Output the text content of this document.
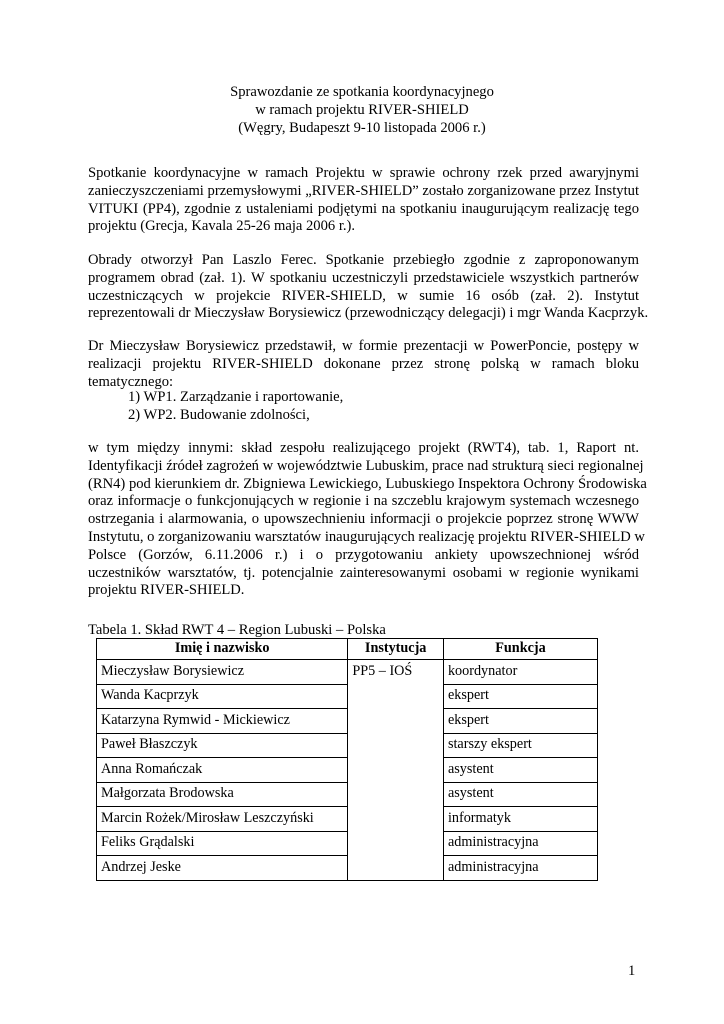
Sprawozdanie ze spotkania koordynacyjnego
w ramach projektu RIVER-SHIELD
(Węgry, Budapeszt 9-10 listopada 2006 r.)
Spotkanie koordynacyjne w ramach Projektu w sprawie ochrony rzek przed awaryjnymi
zanieczyszczeniami przemysłowymi „RIVER-SHIELD” zostało zorganizowane przez Instytut
VITUKI (PP4), zgodnie z ustaleniami podjętymi na spotkaniu inaugurującym realizację tego
projektu (Grecja, Kavala 25-26 maja 2006 r.).
Obrady otworzył Pan Laszlo Ferec. Spotkanie przebiegło zgodnie z zaproponowanym
programem obrad (zał. 1). W spotkaniu uczestniczyli przedstawiciele wszystkich partnerów
uczestniczących w projekcie RIVER-SHIELD, w sumie 16 osób (zał. 2). Instytut
reprezentowali dr Mieczysław Borysiewicz (przewodniczący delegacji) i mgr Wanda Kacprzyk.
Dr Mieczysław Borysiewicz przedstawił, w formie prezentacji w PowerPoncie, postępy w
realizacji projektu RIVER-SHIELD dokonane przez stronę polską w ramach bloku
tematycznego:
1) WP1. Zarządzanie i raportowanie,
2) WP2. Budowanie zdolności,
w tym między innymi: skład zespołu realizującego projekt (RWT4), tab. 1, Raport nt.
Identyfikacji źródeł zagrożeń w województwie Lubuskim, prace nad strukturą sieci regionalnej
(RN4) pod kierunkiem dr. Zbigniewa Lewickiego, Lubuskiego Inspektora Ochrony Środowiska
oraz informacje o funkcjonujących w regionie i na szczeblu krajowym systemach wczesnego
ostrzegania i alarmowania, o upowszechnieniu informacji o projekcie poprzez stronę WWW
Instytutu, o zorganizowaniu warsztatów inaugurujących realizację projektu RIVER-SHIELD w
Polsce (Gorzów, 6.11.2006 r.) i o przygotowaniu ankiety upowszechnionej wśród
uczestników warsztatów, tj. potencjalnie zainteresowanymi osobami w regionie wynikami
projektu RIVER-SHIELD.
Tabela 1. Skład RWT 4 – Region Lubuski – Polska
Imię i nazwisko	Instytucja	Funkcja
Mieczysław Borysiewicz	PP5 – IOŚ	koordynator
Wanda Kacprzyk		ekspert
Katarzyna Rymwid - Mickiewicz		ekspert
Paweł Błaszczyk		starszy ekspert
Anna Romańczak		asystent
Małgorzata Brodowska		asystent
Marcin Rożek/Mirosław Leszczyński		informatyk
Feliks Grądalski		administracyjna
Andrzej Jeske		administracyjna
1
